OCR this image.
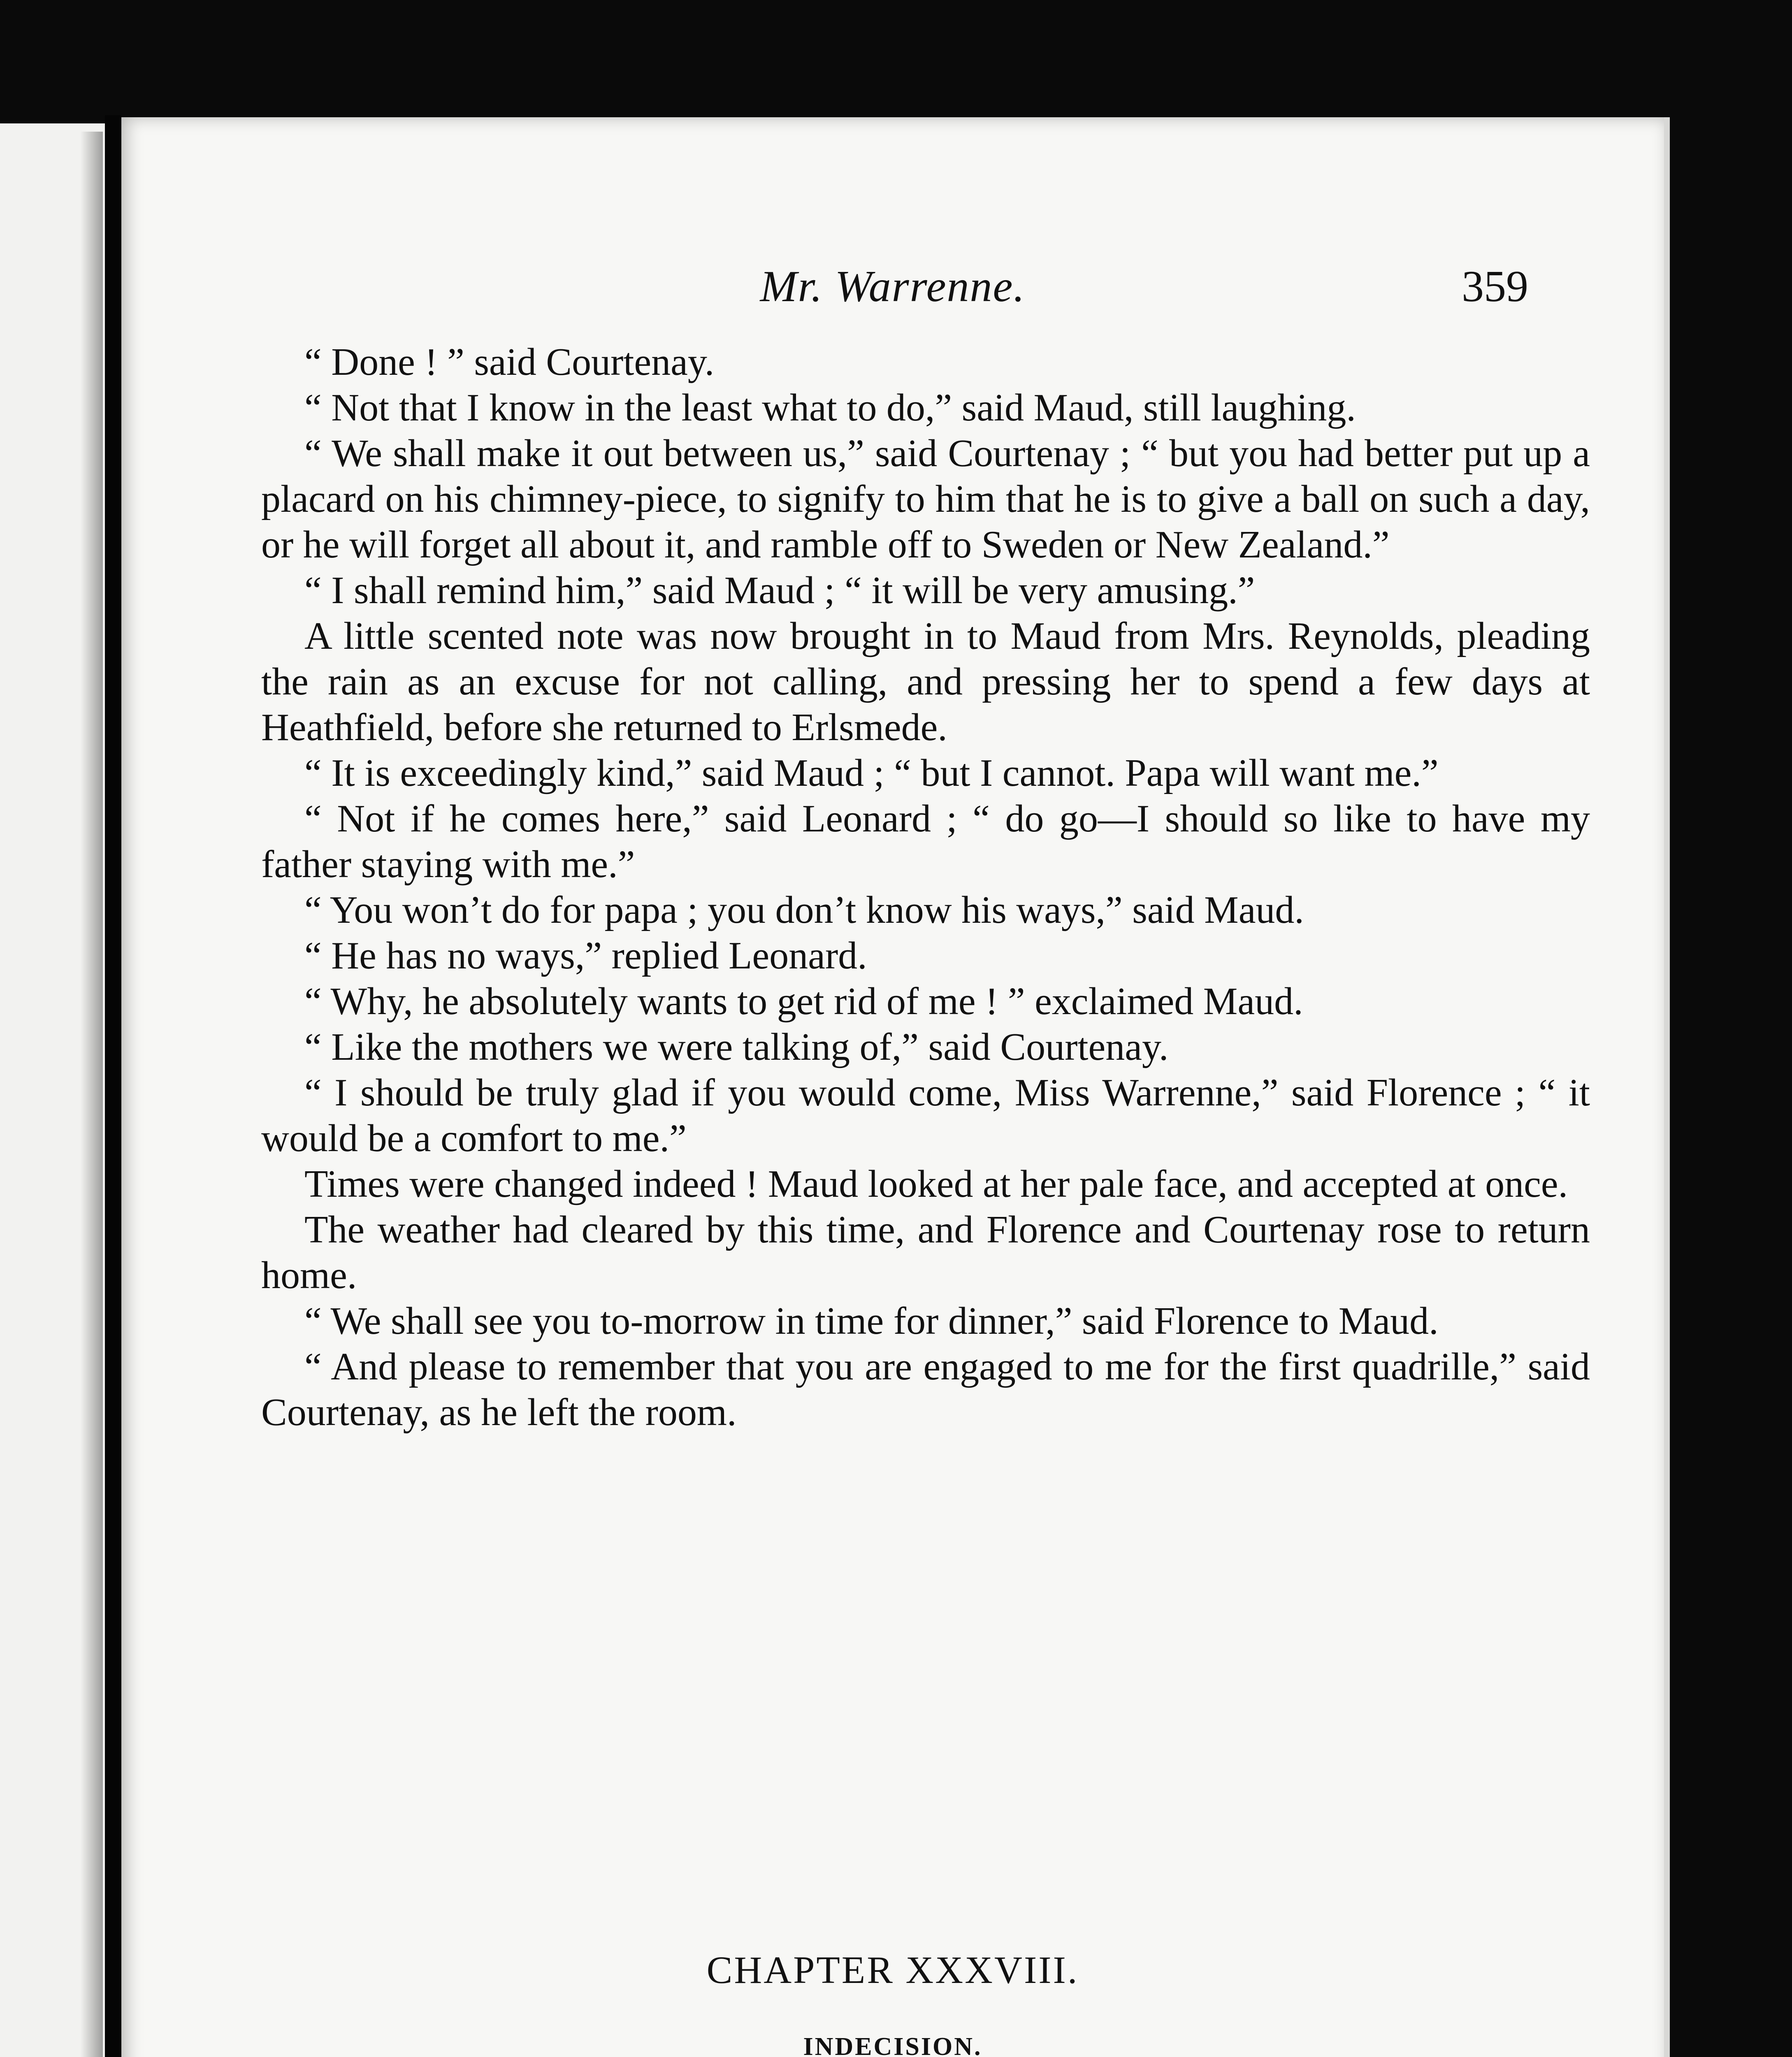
Mr. Warrenne.	359

“ Done ! ” said Courtenay.

“ Not that I know in the least what to do,” said Maud, still laughing.

“ We shall make it out between us,” said Courtenay ; “ but you had better put up a placard on his chimney-piece, to signify to him that he is to give a ball on such a day, or he will forget all about it, and ramble off to Sweden or New Zealand.”

“ I shall remind him,” said Maud ; “ it will be very amusing.”

A little scented note was now brought in to Maud from Mrs. Reynolds, pleading the rain as an excuse for not calling, and pressing her to spend a few days at Heathfield, before she returned to Erlsmede.

“ It is exceedingly kind,” said Maud ; “ but I cannot. Papa will want me.”

“ Not if he comes here,” said Leonard ; “ do go—I should so like to have my father staying with me.”

“ You won’t do for papa ; you don’t know his ways,” said Maud.

“ He has no ways,” replied Leonard.

“ Why, he absolutely wants to get rid of me ! ” exclaimed Maud.

“ Like the mothers we were talking of,” said Courtenay.

“ I should be truly glad if you would come, Miss Warrenne,” said Florence ; “ it would be a comfort to me.”

Times were changed indeed ! Maud looked at her pale face, and accepted at once.

The weather had cleared by this time, and Florence and Courtenay rose to return home.

“ We shall see you to-morrow in time for dinner,” said Florence to Maud.

“ And please to remember that you are engaged to me for the first quadrille,” said Courtenay, as he left the room.

CHAPTER XXXVIII.
INDECISION.
